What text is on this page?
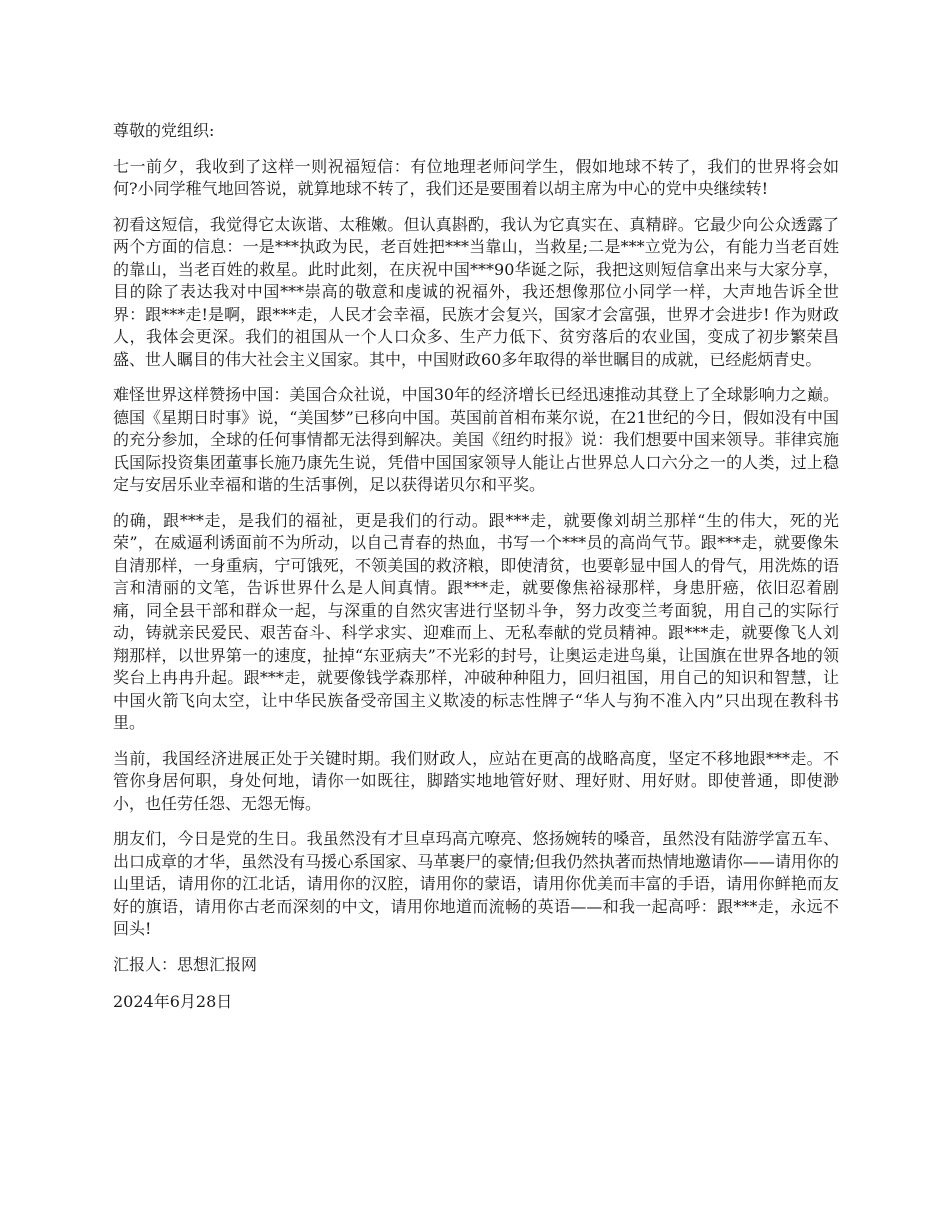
尊敬的党组织:

七一前夕，我收到了这样一则祝福短信：有位地理老师问学生，假如地球不转了，我们的世界将会如何?小同学稚气地回答说，就算地球不转了，我们还是要围着以胡主席为中心的党中央继续转!

初看这短信，我觉得它太诙谐、太稚嫩。但认真斟酌，我认为它真实在、真精辟。它最少向公众透露了两个方面的信息：一是***执政为民，老百姓把***当靠山，当救星;二是***立党为公，有能力当老百姓的靠山，当老百姓的救星。此时此刻，在庆祝中国***90华诞之际，我把这则短信拿出来与大家分享，目的除了表达我对中国***崇高的敬意和虔诚的祝福外，我还想像那位小同学一样，大声地告诉全世界：跟***走!是啊，跟***走，人民才会幸福，民族才会复兴，国家才会富强，世界才会进步! 作为财政人，我体会更深。我们的祖国从一个人口众多、生产力低下、贫穷落后的农业国，变成了初步繁荣昌盛、世人瞩目的伟大社会主义国家。其中，中国财政60多年取得的举世瞩目的成就，已经彪炳青史。

难怪世界这样赞扬中国：美国合众社说，中国30年的经济增长已经迅速推动其登上了全球影响力之巅。德国《星期日时事》说，“美国梦”已移向中国。英国前首相布莱尔说，在21世纪的今日，假如没有中国的充分参加，全球的任何事情都无法得到解决。美国《纽约时报》说：我们想要中国来领导。菲律宾施氏国际投资集团董事长施乃康先生说，凭借中国国家领导人能让占世界总人口六分之一的人类，过上稳定与安居乐业幸福和谐的生活事例，足以获得诺贝尔和平奖。

的确，跟***走，是我们的福祉，更是我们的行动。跟***走，就要像刘胡兰那样“生的伟大，死的光荣”，在威逼利诱面前不为所动，以自己青春的热血，书写一个***员的高尚气节。跟***走，就要像朱自清那样，一身重病，宁可饿死，不领美国的救济粮，即使清贫，也要彰显中国人的骨气，用洗炼的语言和清丽的文笔，告诉世界什么是人间真情。跟***走，就要像焦裕禄那样，身患肝癌，依旧忍着剧痛，同全县干部和群众一起，与深重的自然灾害进行坚韧斗争，努力改变兰考面貌，用自己的实际行动，铸就亲民爱民、艰苦奋斗、科学求实、迎难而上、无私奉献的党员精神。跟***走，就要像飞人刘翔那样，以世界第一的速度，扯掉“东亚病夫”不光彩的封号，让奥运走进鸟巢，让国旗在世界各地的领奖台上冉冉升起。跟***走，就要像钱学森那样，冲破种种阻力，回归祖国，用自己的知识和智慧，让中国火箭飞向太空，让中华民族备受帝国主义欺凌的标志性牌子“华人与狗不准入内”只出现在教科书里。

当前，我国经济进展正处于关键时期。我们财政人，应站在更高的战略高度，坚定不移地跟***走。不管你身居何职，身处何地，请你一如既往，脚踏实地地管好财、理好财、用好财。即使普通，即使渺小，也任劳任怨、无怨无悔。

朋友们，今日是党的生日。我虽然没有才旦卓玛高亢嘹亮、悠扬婉转的嗓音，虽然没有陆游学富五车、出口成章的才华，虽然没有马援心系国家、马革裹尸的豪情;但我仍然执著而热情地邀请你——请用你的山里话，请用你的江北话，请用你的汉腔，请用你的蒙语，请用你优美而丰富的手语，请用你鲜艳而友好的旗语，请用你古老而深刻的中文，请用你地道而流畅的英语——和我一起高呼：跟***走，永远不回头!

汇报人：思想汇报网

2024年6月28日
